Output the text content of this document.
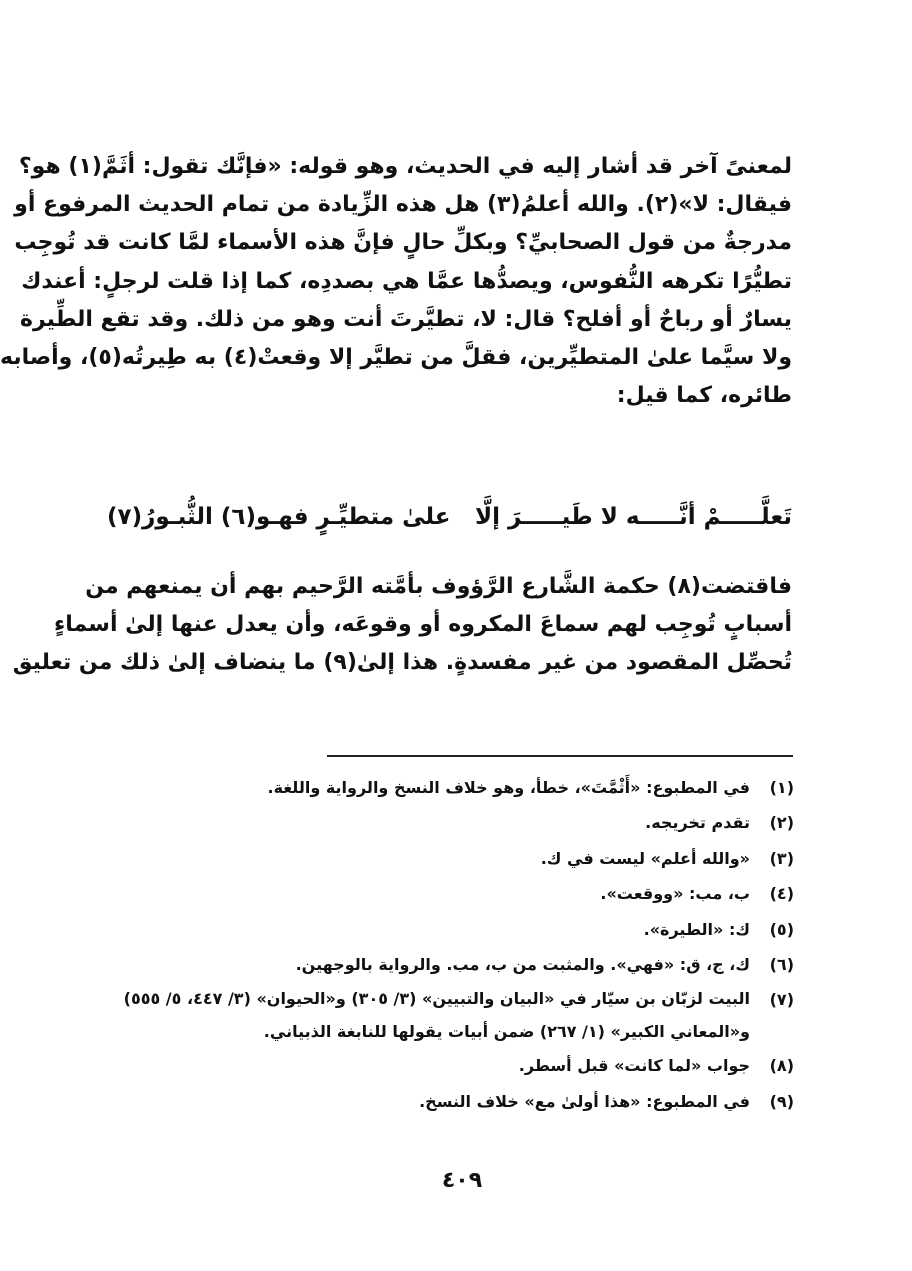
لمعنىً آخر قد أشار إليه في الحديث، وهو قوله: «فإنَّك تقول: أثَمَّ(١) هو؟
فيقال: لا»(٢). والله أعلمُ(٣) هل هذه الزِّيادة من تمام الحديث المرفوع أو
مدرجةٌ من قول الصحابيِّ؟ وبكلِّ حالٍ فإنَّ هذه الأسماء لمَّا كانت قد تُوجِب
تطيُّرًا تكرهه النُّفوس، ويصدُّها عمَّا هي بصددِه، كما إذا قلت لرجلٍ: أعندك
يسارٌ أو رباحٌ أو أفلح؟ قال: لا، تطيَّرتَ أنت وهو من ذلك. وقد تقع الطِّيرة
ولا سيَّما علىٰ المتطيِّرين، فقلَّ من تطيَّر إلا وقعتْ(٤) به طِيرتُه(٥)، وأصابه
طائره، كما قيل:
تَعلَّـــــمْ أنَّـــــه لا طَيـــــرَ إلَّا
علىٰ متطيِّـرٍ فهـو(٦) الثُّبـورُ(٧)
فاقتضت(٨) حكمة الشَّارع الرَّؤوف بأمَّته الرَّحيم بهم أن يمنعهم من
أسبابٍ تُوجِب لهم سماعَ المكروه أو وقوعَه، وأن يعدل عنها إلىٰ أسماءٍ
تُحصِّل المقصود من غير مفسدةٍ. هذا إلىٰ(٩) ما ينضاف إلىٰ ذلك من تعليق
(١)
في المطبوع: «أَثْمَّتَ»، خطأ، وهو خلاف النسخ والرواية واللغة.
(٢)
تقدم تخريجه.
(٣)
«والله أعلم» ليست في ك.
(٤)
ب، مب: «ووقعت».
(٥)
ك: «الطيرة».
(٦)
ك، ج، ق: «فهي». والمثبت من ب، مب. والرواية بالوجهين.
(٧)
البيت لزبّان بن سيّار في «البيان والتبيين» (٣/ ٣٠٥) و«الحيوان» (٣/ ٤٤٧، ٥/ ٥٥٥) و«المعاني الكبير» (١/ ٢٦٧) ضمن أبيات يقولها للنابغة الذبياني.
(٨)
جواب «لما كانت» قبل أسطر.
(٩)
في المطبوع: «هذا أولىٰ مع» خلاف النسخ.
٤٠٩
